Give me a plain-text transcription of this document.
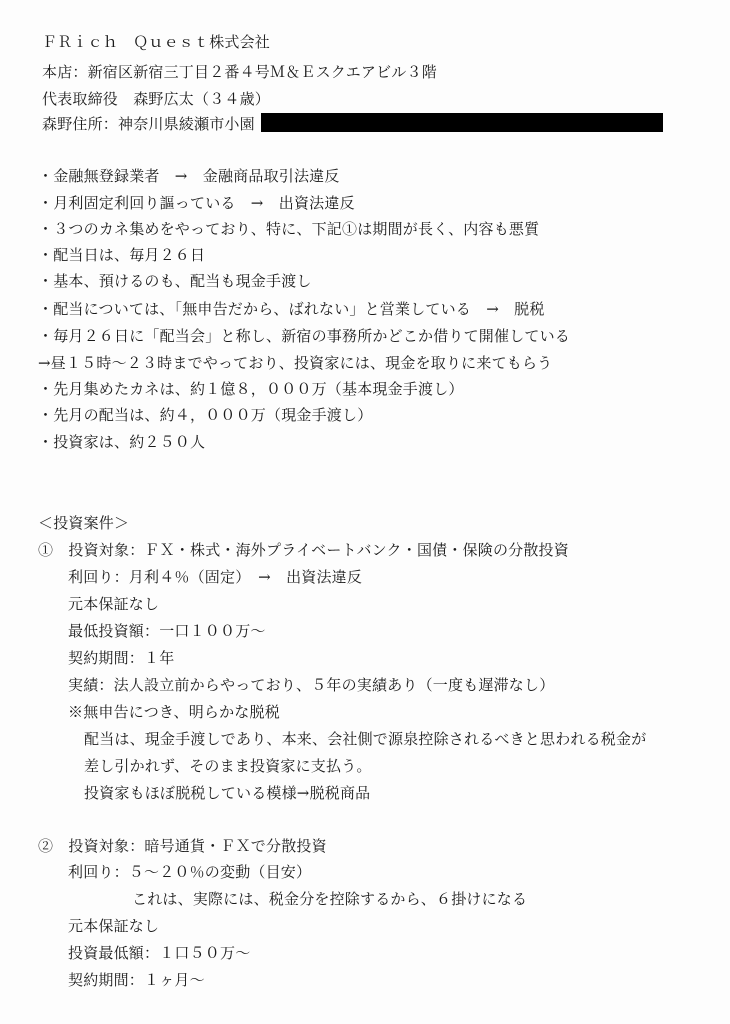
ＦＲｉｃｈ　Ｑｕｅｓｔ株式会社
本店：新宿区新宿三丁目２番４号Ｍ＆Ｅスクエアビル３階
代表取締役　森野広太（３４歳）
森野住所：神奈川県綾瀬市小園
・金融無登録業者　→　金融商品取引法違反
・月利固定利回り謳っている　→　出資法違反
・３つのカネ集めをやっており、特に、下記①は期間が長く、内容も悪質
・配当日は、毎月２６日
・基本、預けるのも、配当も現金手渡し
・配当については、「無申告だから、ばれない」と営業している　→　脱税
・毎月２６日に「配当会」と称し、新宿の事務所かどこか借りて開催している
→昼１５時～２３時までやっており、投資家には、現金を取りに来てもらう
・先月集めたカネは、約１億８，０００万（基本現金手渡し）
・先月の配当は、約４，０００万（現金手渡し）
・投資家は、約２５０人
＜投資案件＞
①　投資対象：ＦＸ・株式・海外プライベートバンク・国債・保険の分散投資
利回り：月利４％（固定）　→　出資法違反
元本保証なし
最低投資額：一口１００万～
契約期間：１年
実績：法人設立前からやっており、５年の実績あり（一度も遅滞なし）
※無申告につき、明らかな脱税
配当は、現金手渡しであり、本来、会社側で源泉控除されるべきと思われる税金が
差し引かれず、そのまま投資家に支払う。
投資家もほぼ脱税している模様→脱税商品
②　投資対象：暗号通貨・ＦＸで分散投資
利回り：５～２０％の変動（目安）
これは、実際には、税金分を控除するから、６掛けになる
元本保証なし
投資最低額：１口５０万～
契約期間：１ヶ月～
